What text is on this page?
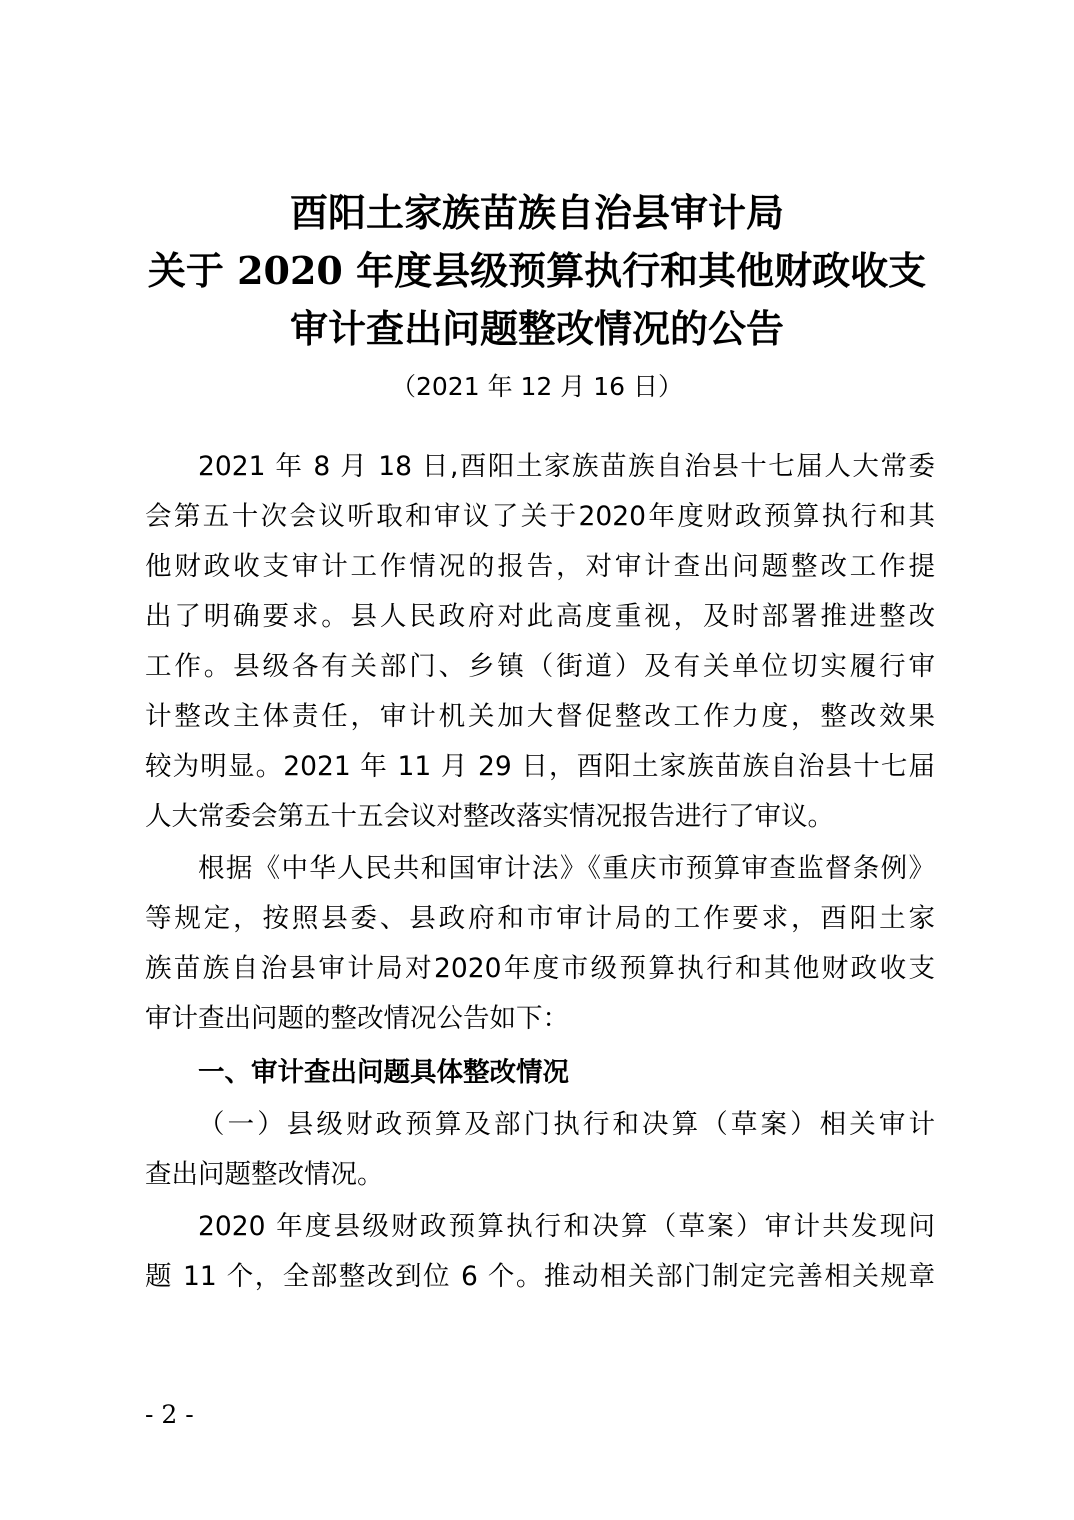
酉阳土家族苗族自治县审计局
关于 2020 年度县级预算执行和其他财政收支
审计查出问题整改情况的公告
（2021 年 12 月 16 日）
2021 年 8 月 18 日,酉阳土家族苗族自治县十七届人大常委
会第五十次会议听取和审议了关于2020年度财政预算执行和其
他财政收支审计工作情况的报告，对审计查出问题整改工作提
出了明确要求。县人民政府对此高度重视，及时部署推进整改
工作。县级各有关部门、乡镇（街道）及有关单位切实履行审
计整改主体责任，审计机关加大督促整改工作力度，整改效果
较为明显。2021 年 11 月 29 日，酉阳土家族苗族自治县十七届
人大常委会第五十五会议对整改落实情况报告进行了审议。
根据《中华人民共和国审计法》《重庆市预算审查监督条例》
等规定，按照县委、县政府和市审计局的工作要求，酉阳土家
族苗族自治县审计局对2020年度市级预算执行和其他财政收支
审计查出问题的整改情况公告如下：
一、审计查出问题具体整改情况
（一）县级财政预算及部门执行和决算（草案）相关审计
查出问题整改情况。
2020 年度县级财政预算执行和决算（草案）审计共发现问
题 11 个，全部整改到位 6 个。推动相关部门制定完善相关规章
- 2 -
